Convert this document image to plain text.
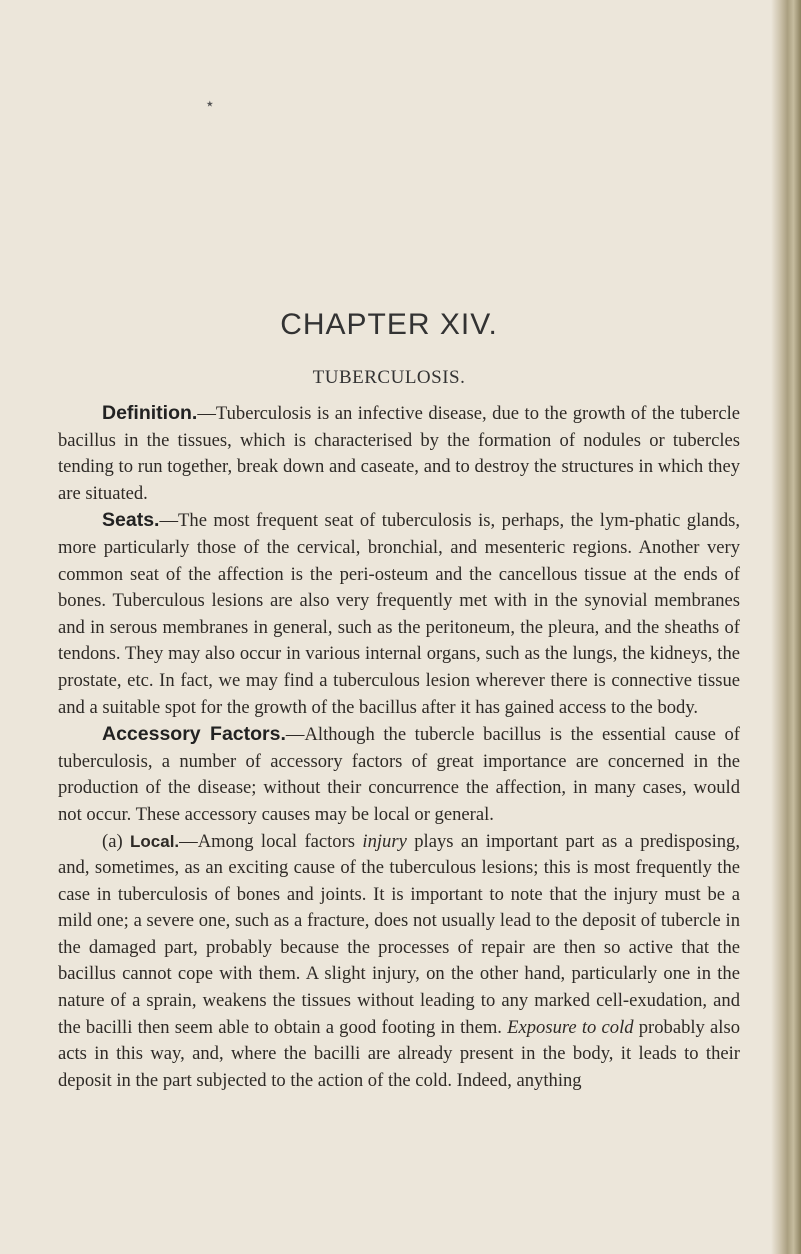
٭
CHAPTER XIV.
TUBERCULOSIS.

Definition.—Tuberculosis is an infective disease, due to the growth of the tubercle bacillus in the tissues, which is characterised by the formation of nodules or tubercles tending to run together, break down and caseate, and to destroy the structures in which they are situated.

Seats.—The most frequent seat of tuberculosis is, perhaps, the lym-phatic glands, more particularly those of the cervical, bronchial, and mesenteric regions. Another very common seat of the affection is the peri-osteum and the cancellous tissue at the ends of bones. Tuberculous lesions are also very frequently met with in the synovial membranes and in serous membranes in general, such as the peritoneum, the pleura, and the sheaths of tendons. They may also occur in various internal organs, such as the lungs, the kidneys, the prostate, etc. In fact, we may find a tuberculous lesion wherever there is connective tissue and a suitable spot for the growth of the bacillus after it has gained access to the body.

Accessory Factors.—Although the tubercle bacillus is the essential cause of tuberculosis, a number of accessory factors of great importance are concerned in the production of the disease; without their concurrence the affection, in many cases, would not occur. These accessory causes may be local or general.

(a) Local.—Among local factors injury plays an important part as a predisposing, and, sometimes, as an exciting cause of the tuberculous lesions; this is most frequently the case in tuberculosis of bones and joints. It is important to note that the injury must be a mild one; a severe one, such as a fracture, does not usually lead to the deposit of tubercle in the damaged part, probably because the processes of repair are then so active that the bacillus cannot cope with them. A slight injury, on the other hand, particularly one in the nature of a sprain, weakens the tissues without leading to any marked cell-exudation, and the bacilli then seem able to obtain a good footing in them. Exposure to cold probably also acts in this way, and, where the bacilli are already present in the body, it leads to their deposit in the part subjected to the action of the cold. Indeed, anything
